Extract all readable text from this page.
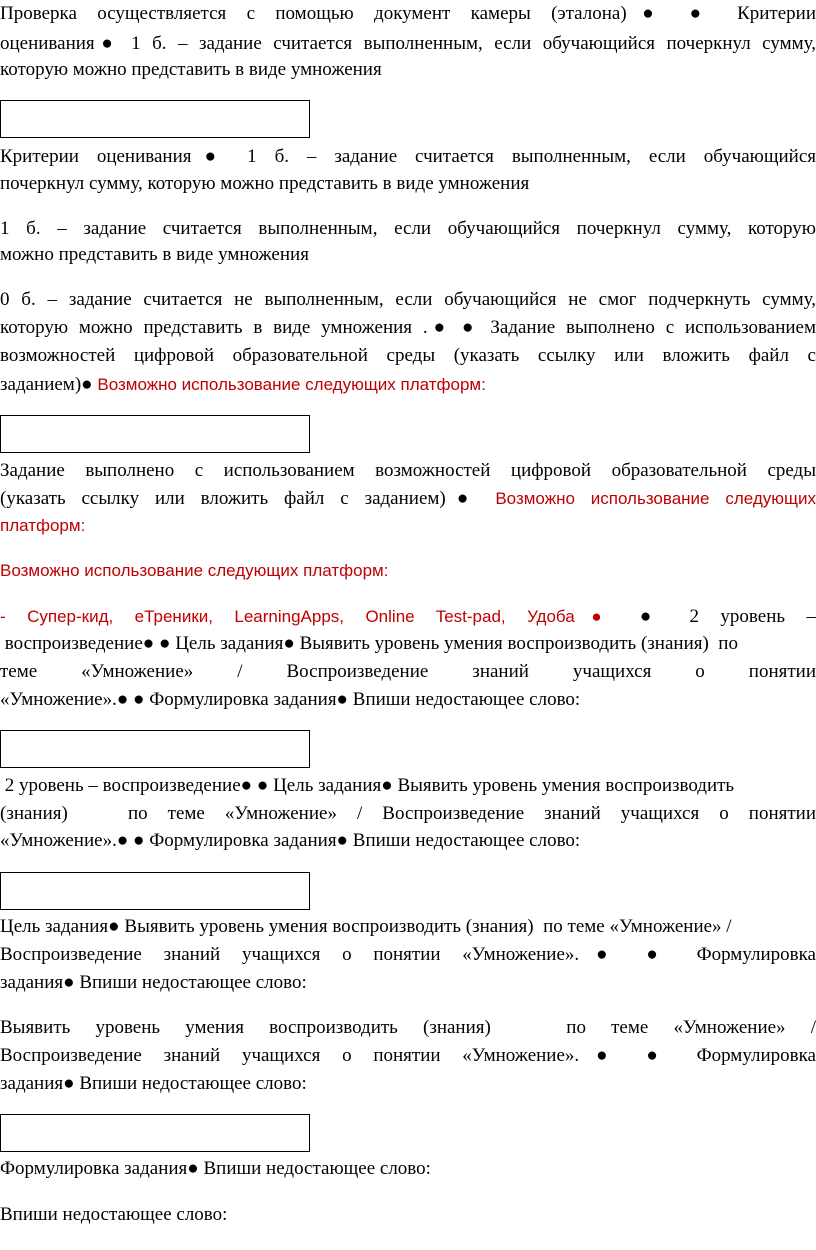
Проверка осуществляется с помощью документ камеры (эталона)● ● Критерии
оценивания● 1 б. – задание считается выполненным, если обучающийся почеркнул сумму,
которую можно представить в виде умножения
Критерии оценивания● 1 б. – задание считается выполненным, если обучающийся
почеркнул сумму, которую можно представить в виде умножения
1 б. – задание считается выполненным, если обучающийся почеркнул сумму, которую
можно представить в виде умножения
0 б. – задание считается не выполненным, если обучающийся не смог подчеркнуть сумму,
которую можно представить в виде умножения .● ● Задание выполнено с использованием
возможностей цифровой образовательной среды (указать ссылку или вложить файл с
заданием)● Возможно использование следующих платформ:
Задание выполнено с использованием возможностей цифровой образовательной среды
(указать ссылку или вложить файл с заданием)● Возможно использование следующих
платформ:
Возможно использование следующих платформ:
- Супер-кид, еТреники, LearningApps, Online Test-pad, Удоба● ● 2 уровень –
воспроизведение● ● Цель задания● Выявить уровень умения воспроизводить (знания)  по
теме «Умножение» / Воспроизведение знаний учащихся о понятии
«Умножение».● ● Формулировка задания● Впиши недостающее слово:
2 уровень – воспроизведение● ● Цель задания● Выявить уровень умения воспроизводить
(знания)   по теме «Умножение» / Воспроизведение знаний учащихся о понятии
«Умножение».● ● Формулировка задания● Впиши недостающее слово:
Цель задания● Выявить уровень умения воспроизводить (знания)  по теме «Умножение» /
Воспроизведение знаний учащихся о понятии «Умножение».● ● Формулировка
задания● Впиши недостающее слово:
Выявить уровень умения воспроизводить (знания)   по теме «Умножение» /
Воспроизведение знаний учащихся о понятии «Умножение».● ● Формулировка
задания● Впиши недостающее слово:
Формулировка задания● Впиши недостающее слово:
Впиши недостающее слово:
